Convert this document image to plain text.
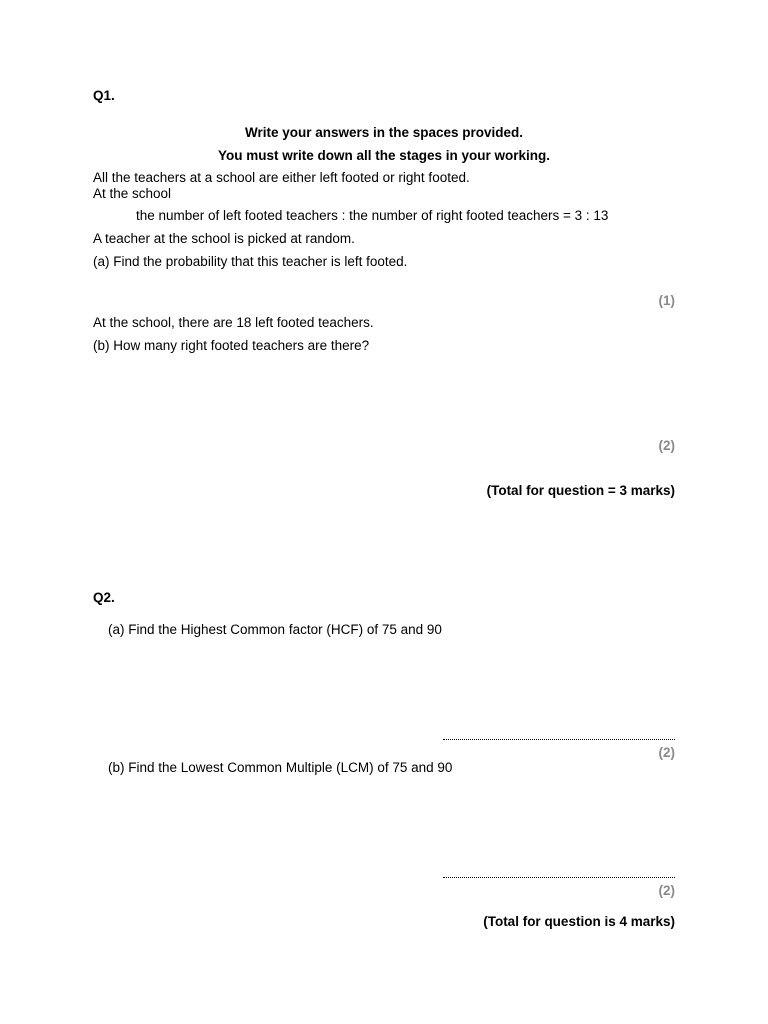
Q1.
Write your answers in the spaces provided.
You must write down all the stages in your working.
All the teachers at a school are either left footed or right footed.
At the school
the number of left footed teachers : the number of right footed teachers = 3 : 13
A teacher at the school is picked at random.
(a) Find the probability that this teacher is left footed.
(1)
At the school, there are 18 left footed teachers.
(b) How many right footed teachers are there?
(2)
(Total for question = 3 marks)
Q2.
(a) Find the Highest Common factor (HCF) of 75 and 90
(2)
(b) Find the Lowest Common Multiple (LCM) of 75 and 90
(2)
(Total for question is 4 marks)
